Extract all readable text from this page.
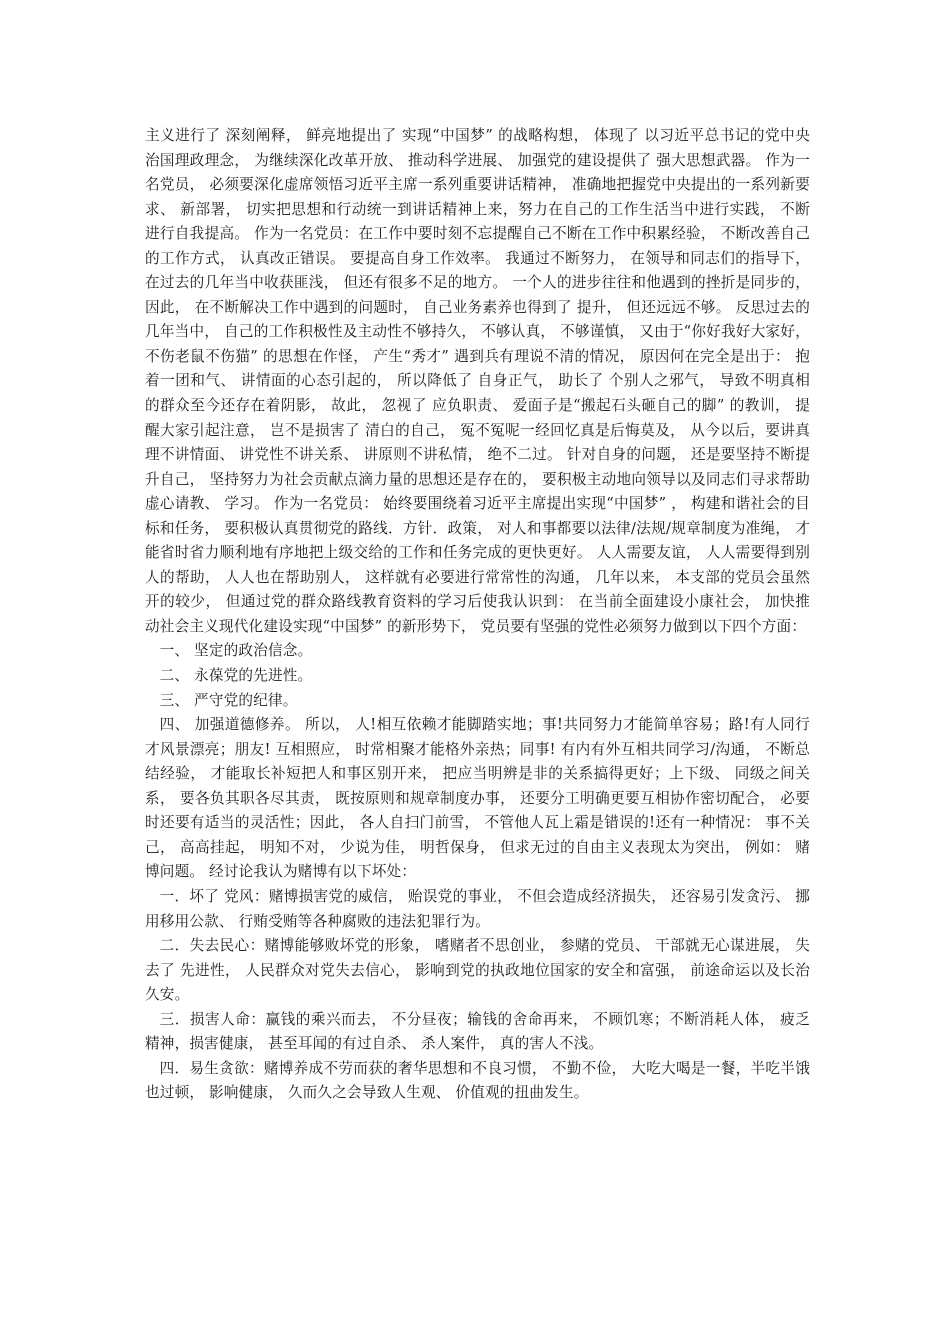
主义进行了 深刻阐释， 鲜亮地提出了 实现“中国梦” 的战略构想， 体现了 以习近平总书记的党中央治国理政理念， 为继续深化改革开放、 推动科学进展、 加强党的建设提供了 强大思想武器。 作为一名党员， 必须要深化虚席领悟习近平主席一系列重要讲话精神， 准确地把握党中央提出的一系列新要求、 新部署， 切实把思想和行动统一到讲话精神上来，努力在自己的工作生活当中进行实践， 不断进行自我提高。 作为一名党员：在工作中要时刻不忘提醒自己不断在工作中积累经验， 不断改善自己的工作方式， 认真改正错误。 要提高自身工作效率。 我通过不断努力， 在领导和同志们的指导下， 在过去的几年当中收获匪浅， 但还有很多不足的地方。 一个人的进步往往和他遇到的挫折是同步的， 因此， 在不断解决工作中遇到的问题时， 自己业务素养也得到了 提升， 但还远远不够。 反思过去的几年当中， 自己的工作积极性及主动性不够持久， 不够认真， 不够谨慎， 又由于“你好我好大家好， 不伤老鼠不伤猫” 的思想在作怪， 产生“秀才” 遇到兵有理说不清的情况， 原因何在完全是出于： 抱着一团和气、 讲情面的心态引起的， 所以降低了 自身正气， 助长了 个别人之邪气， 导致不明真相的群众至今还存在着阴影， 故此， 忽视了 应负职责、 爱面子是“搬起石头砸自己的脚” 的教训， 提醒大家引起注意， 岂不是损害了 清白的自己， 冤不冤呢一经回忆真是后悔莫及， 从今以后，要讲真理不讲情面、 讲党性不讲关系、 讲原则不讲私情， 绝不二过。 针对自身的问题， 还是要坚持不断提升自己， 坚持努力为社会贡献点滴力量的思想还是存在的， 要积极主动地向领导以及同志们寻求帮助虚心请教、 学习。 作为一名党员： 始终要围绕着习近平主席提出实现“中国梦” ， 构建和谐社会的目 标和任务， 要积极认真贯彻党的路线．方针．政策， 对人和事都要以法律/法规/规章制度为准绳， 才能省时省力顺利地有序地把上级交给的工作和任务完成的更快更好。 人人需要友谊， 人人需要得到别人的帮助， 人人也在帮助别人， 这样就有必要进行常常性的沟通， 几年以来， 本支部的党员会虽然开的较少， 但通过党的群众路线教育资料的学习后使我认识到： 在当前全面建设小康社会， 加快推动社会主义现代化建设实现“中国梦” 的新形势下， 党员要有坚强的党性必须努力做到以下四个方面：

一、 坚定的政治信念。

二、 永葆党的先进性。

三、 严守党的纪律。

四、 加强道德修养。 所以， 人!相互依赖才能脚踏实地；事!共同努力才能简单容易；路!有人同行才风景漂亮；朋友! 互相照应， 时常相聚才能格外亲热；同事! 有内有外互相共同学习/沟通， 不断总结经验， 才能取长补短把人和事区别开来， 把应当明辨是非的关系搞得更好；上下级、 同级之间关系， 要各负其职各尽其责， 既按原则和规章制度办事， 还要分工明确更要互相协作密切配合， 必要时还要有适当的灵活性；因此， 各人自扫门前雪， 不管他人瓦上霜是错误的!还有一种情况： 事不关己， 高高挂起， 明知不对， 少说为佳， 明哲保身， 但求无过的自由主义表现太为突出， 例如： 赌博问题。 经讨论我认为赌博有以下坏处：

一．坏了 党风：赌博损害党的威信， 贻误党的事业， 不但会造成经济损失， 还容易引发贪污、 挪用移用公款、 行贿受贿等各种腐败的违法犯罪行为。

二．失去民心：赌博能够败坏党的形象， 嗜赌者不思创业， 参赌的党员、 干部就无心谋进展， 失去了 先进性， 人民群众对党失去信心， 影响到党的执政地位国家的安全和富强， 前途命运以及长治久安。

三．损害人命：赢钱的乘兴而去， 不分昼夜；输钱的舍命再来， 不顾饥寒；不断消耗人体， 疲乏精神，损害健康， 甚至耳闻的有过自杀、 杀人案件， 真的害人不浅。

四．易生贪欲：赌博养成不劳而获的奢华思想和不良习惯， 不勤不俭， 大吃大喝是一餐，半吃半饿也过顿， 影响健康， 久而久之会导致人生观、 价值观的扭曲发生。
